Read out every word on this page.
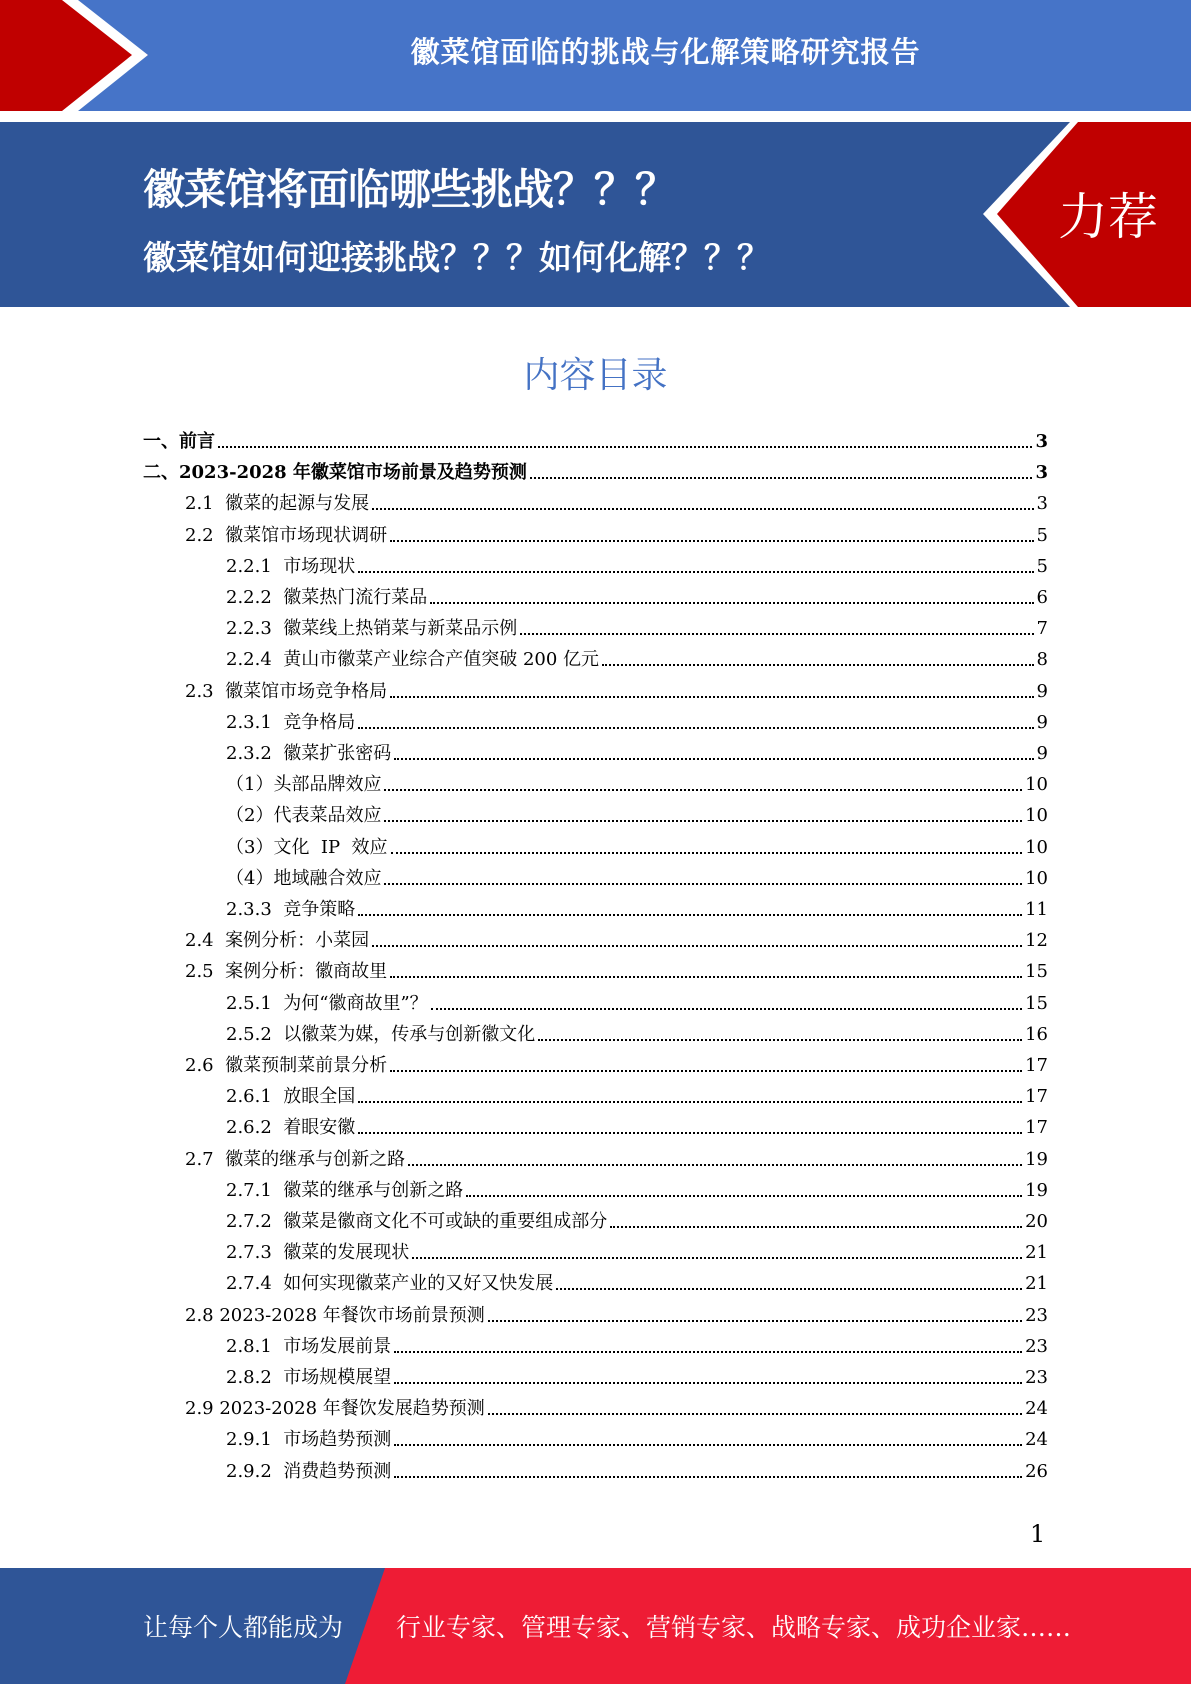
徽菜馆面临的挑战与化解策略研究报告
徽菜馆将面临哪些挑战？？？
徽菜馆如何迎接挑战？？？如何化解？？？
力荐
内容目录
一、前言	3
二、2023-2028 年徽菜馆市场前景及趋势预测	3
2.1  徽菜的起源与发展	3
2.2  徽菜馆市场现状调研	5
2.2.1  市场现状	5
2.2.2  徽菜热门流行菜品	6
2.2.3  徽菜线上热销菜与新菜品示例	7
2.2.4  黄山市徽菜产业综合产值突破 200 亿元	8
2.3  徽菜馆市场竞争格局	9
2.3.1  竞争格局	9
2.3.2  徽菜扩张密码	9
（1）头部品牌效应	10
（2）代表菜品效应	10
（3）文化  IP  效应	10
（4）地域融合效应	10
2.3.3  竞争策略	11
2.4  案例分析：小菜园	12
2.5  案例分析：徽商故里	15
2.5.1  为何“徽商故里”？	15
2.5.2  以徽菜为媒，传承与创新徽文化	16
2.6  徽菜预制菜前景分析	17
2.6.1  放眼全国	17
2.6.2  着眼安徽	17
2.7  徽菜的继承与创新之路	19
2.7.1  徽菜的继承与创新之路	19
2.7.2  徽菜是徽商文化不可或缺的重要组成部分	20
2.7.3  徽菜的发展现状	21
2.7.4  如何实现徽菜产业的又好又快发展	21
2.8 2023-2028 年餐饮市场前景预测	23
2.8.1  市场发展前景	23
2.8.2  市场规模展望	23
2.9 2023-2028 年餐饮发展趋势预测	24
2.9.1  市场趋势预测	24
2.9.2  消费趋势预测	26
1
让每个人都能成为 行业专家、管理专家、营销专家、战略专家、成功企业家……
